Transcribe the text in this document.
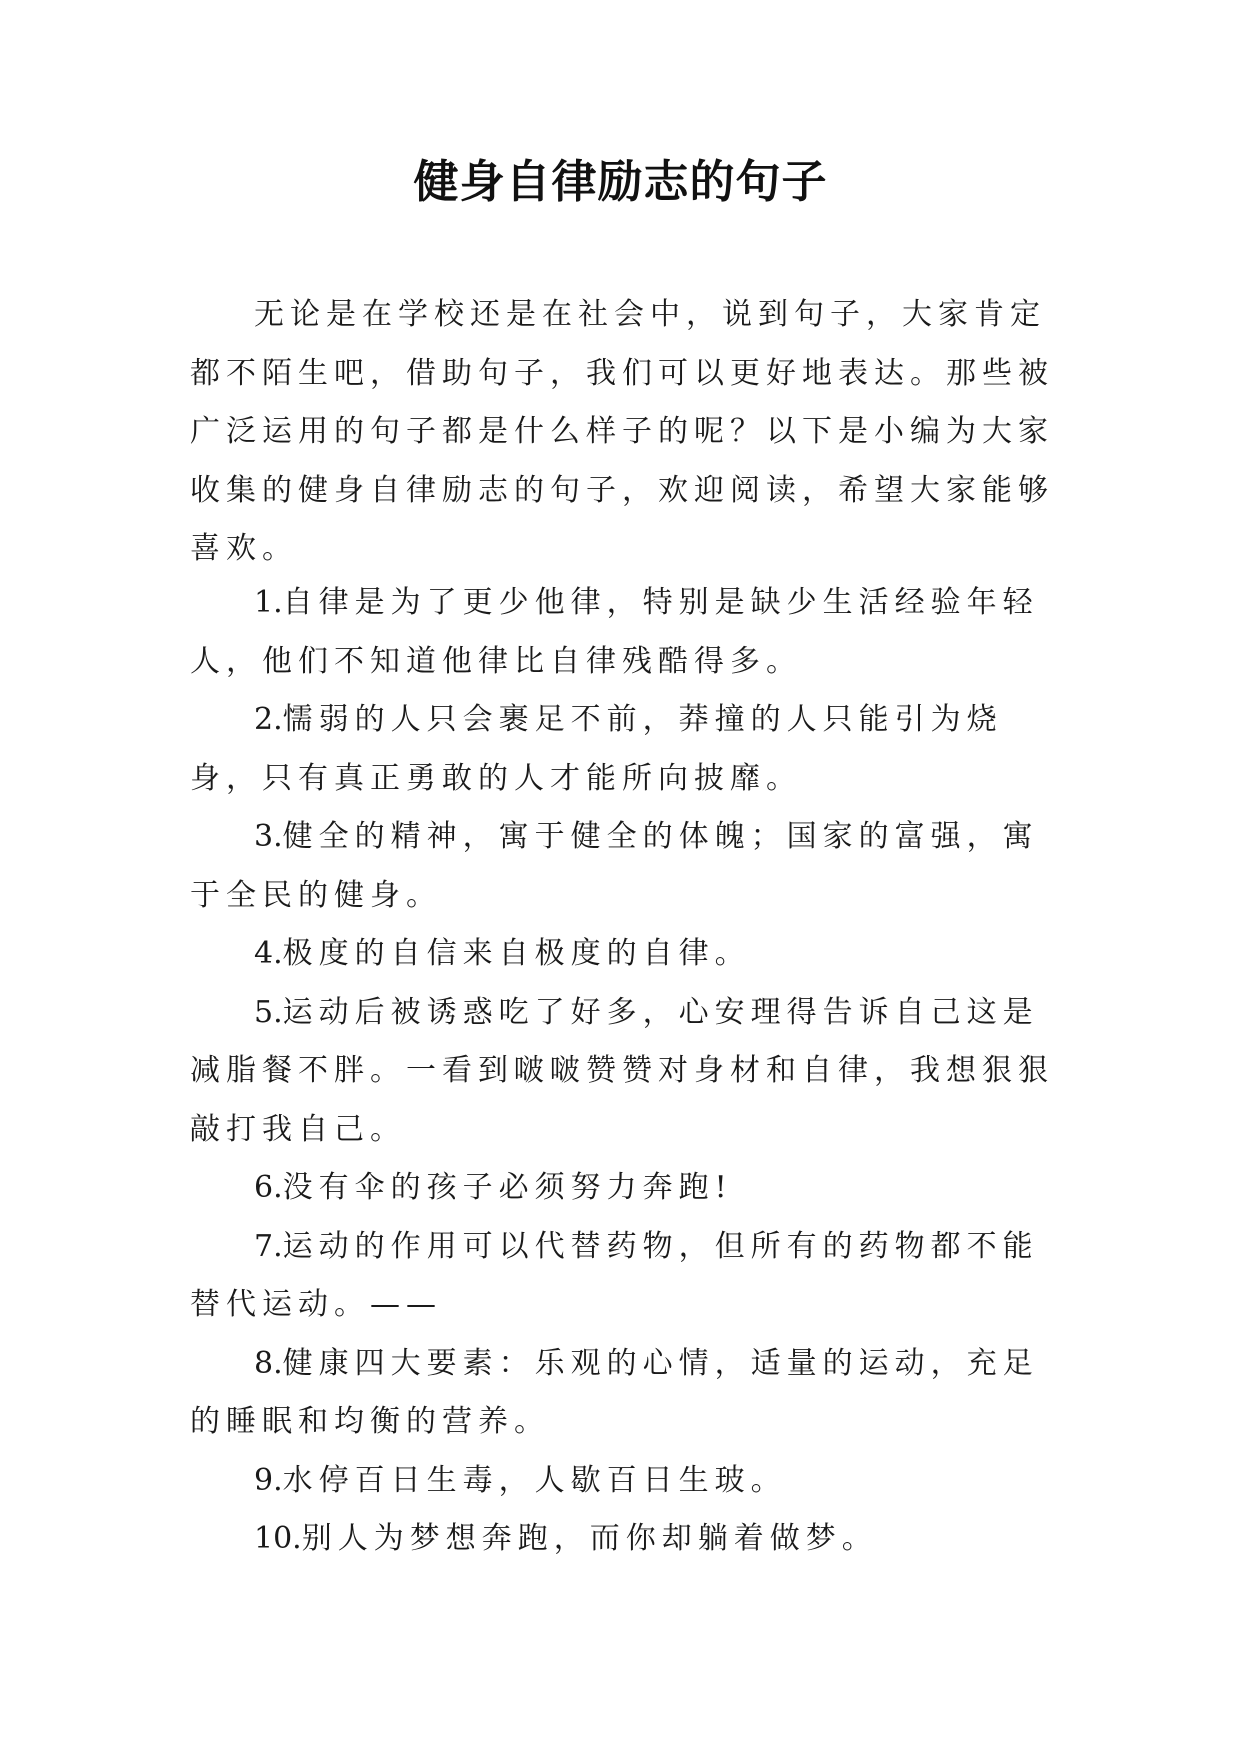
健身自律励志的句子

无论是在学校还是在社会中，说到句子，大家肯定都不陌生吧，借助句子，我们可以更好地表达。那些被广泛运用的句子都是什么样子的呢？以下是小编为大家收集的健身自律励志的句子，欢迎阅读，希望大家能够喜欢。

1.自律是为了更少他律，特别是缺少生活经验年轻人，他们不知道他律比自律残酷得多。

2.懦弱的人只会裹足不前，莽撞的人只能引为烧身，只有真正勇敢的人才能所向披靡。

3.健全的精神，寓于健全的体魄；国家的富强，寓于全民的健身。

4.极度的自信来自极度的自律。

5.运动后被诱惑吃了好多，心安理得告诉自己这是减脂餐不胖。一看到啵啵赞赞对身材和自律，我想狠狠敲打我自己。

6.没有伞的孩子必须努力奔跑!

7.运动的作用可以代替药物，但所有的药物都不能替代运动。——

8.健康四大要素：乐观的心情，适量的运动，充足的睡眠和均衡的营养。

9.水停百日生毒，人歇百日生玻。

10.别人为梦想奔跑，而你却躺着做梦。
